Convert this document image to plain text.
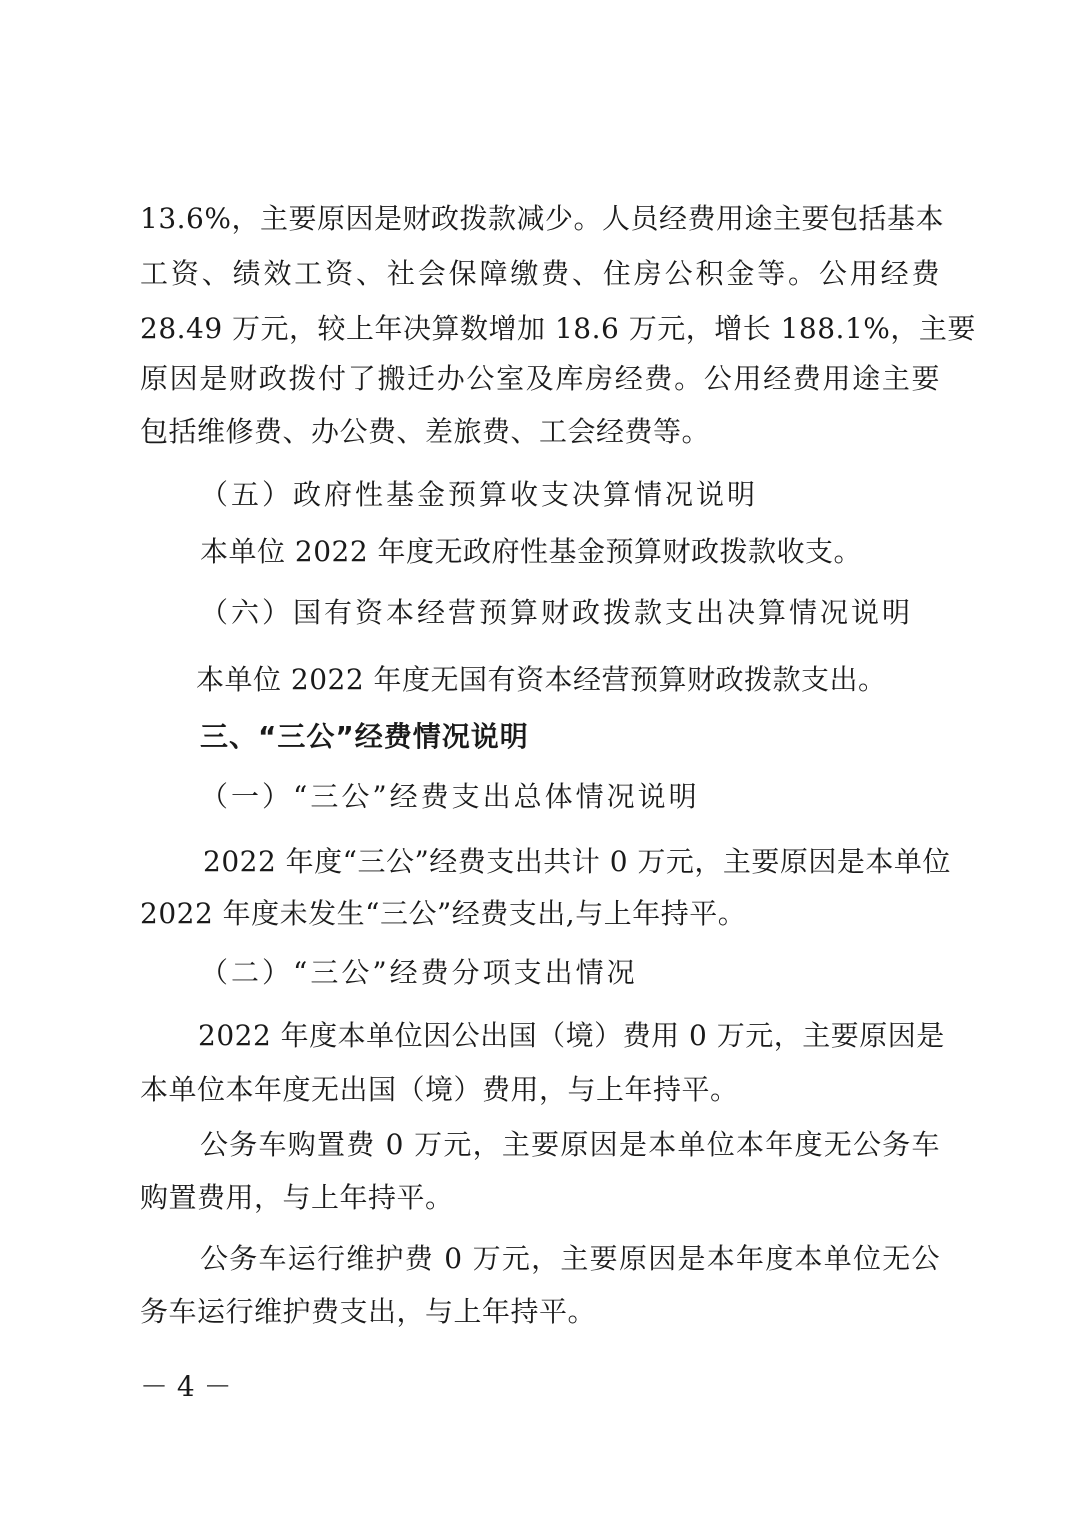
13.6%，主要原因是财政拨款减少。人员经费用途主要包括基本
工资、绩效工资、社会保障缴费、住房公积金等。公用经费
28.49 万元，较上年决算数增加 18.6 万元，增长 188.1%，主要
原因是财政拨付了搬迁办公室及库房经费。公用经费用途主要
包括维修费、办公费、差旅费、工会经费等。
（五）政府性基金预算收支决算情况说明
本单位 2022 年度无政府性基金预算财政拨款收支。
（六）国有资本经营预算财政拨款支出决算情况说明
本单位 2022 年度无国有资本经营预算财政拨款支出。
三、“三公”经费情况说明
（一）“三公”经费支出总体情况说明
2022 年度“三公”经费支出共计 0 万元，主要原因是本单位
2022 年度未发生“三公”经费支出,与上年持平。
（二）“三公”经费分项支出情况
2022 年度本单位因公出国（境）费用 0 万元，主要原因是
本单位本年度无出国（境）费用，与上年持平。
公务车购置费 0 万元，主要原因是本单位本年度无公务车
购置费用，与上年持平。
公务车运行维护费 0 万元，主要原因是本年度本单位无公
务车运行维护费支出，与上年持平。
－ 4 －
